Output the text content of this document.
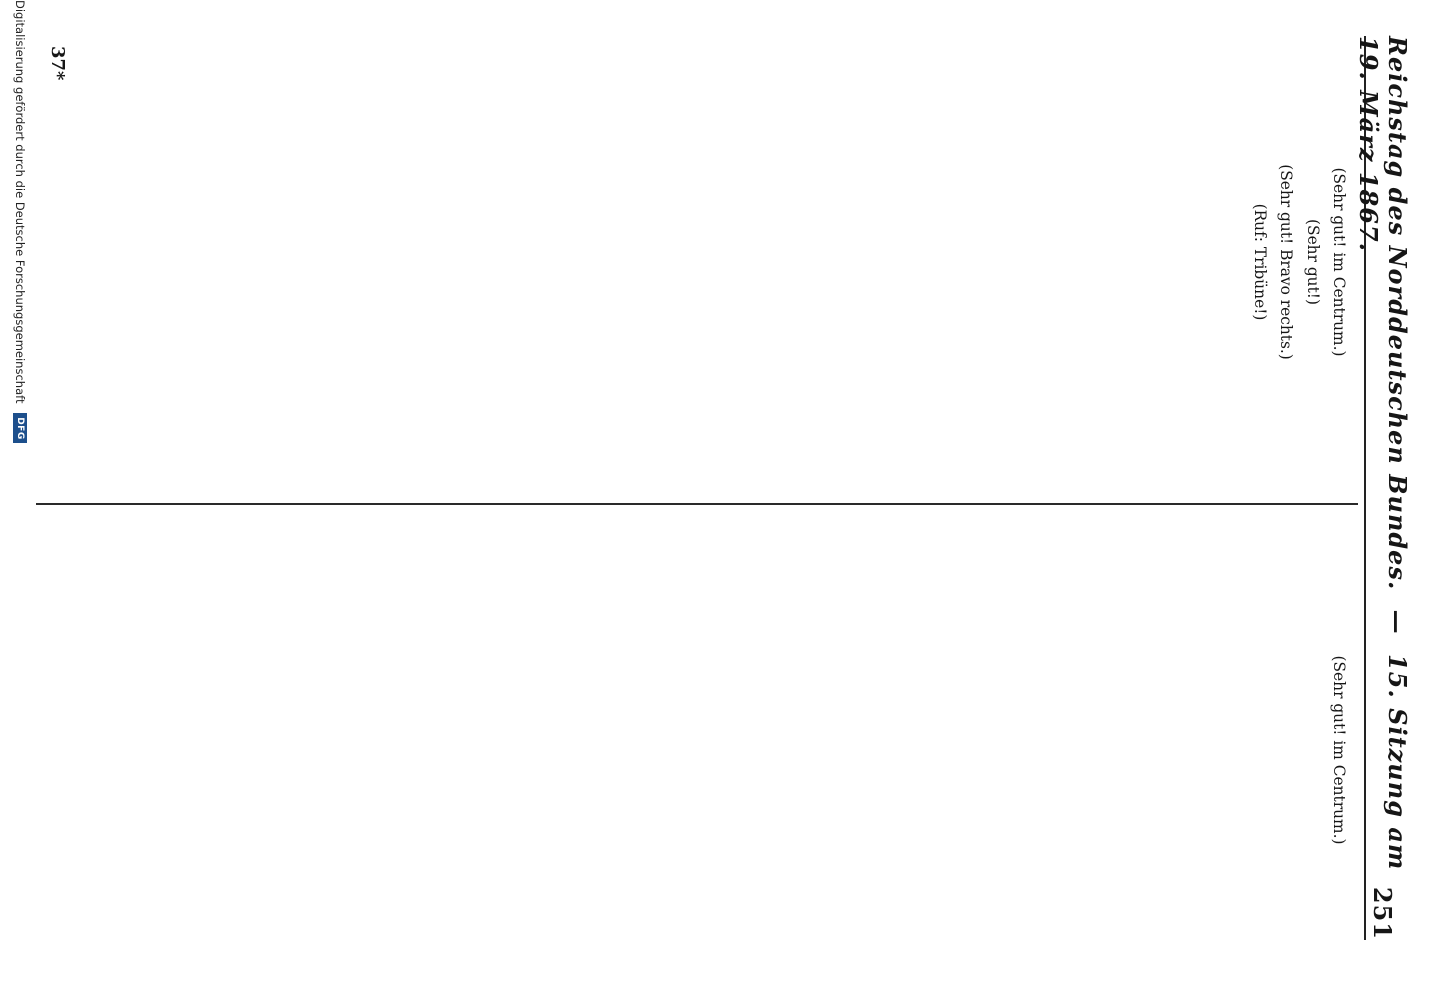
Reichstag des Norddeutschen Bundes. — 15. Sitzung am 19. März 1867.
251

(Sehr gut! im Centrum.)

(Sehr gut!)

(Sehr gut! Bravo rechts.)

(Ruf: Tribüne!)

(Sehr gut! im Centrum.)

37*
Digitalisierung gefördert durch die Deutsche Forschungsgemeinschaft
DFG
